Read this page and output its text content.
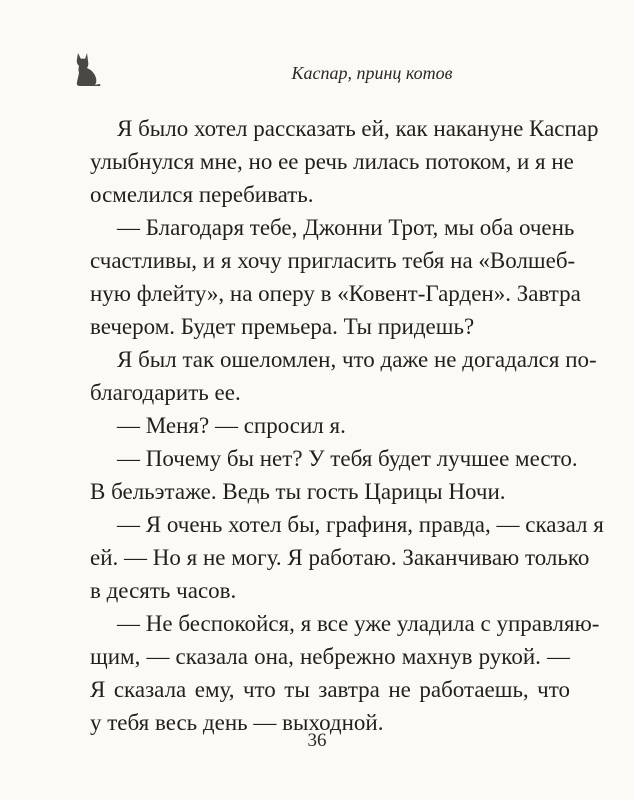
Каспар, принц котов
Я было хотел рассказать ей, как накануне Каспар
улыбнулся мне, но ее речь лилась потоком, и я не
осмелился перебивать.
— Благодаря тебе, Джонни Трот, мы оба очень
счастливы, и я хочу пригласить тебя на «Волшеб-
ную флейту», на оперу в «Ковент-Гарден». Завтра
вечером. Будет премьера. Ты придешь?
Я был так ошеломлен, что даже не догадался по-
благодарить ее.
— Меня? — спросил я.
— Почему бы нет? У тебя будет лучшее место.
В бельэтаже. Ведь ты гость Царицы Ночи.
— Я очень хотел бы, графиня, правда, — сказал я
ей. — Но я не могу. Я работаю. Заканчиваю только
в десять часов.
— Не беспокойся, я все уже уладила с управляю-
щим, — сказала она, небрежно махнув рукой. —
Я сказала ему, что ты завтра не работаешь, что
у тебя весь день — выходной.
36
